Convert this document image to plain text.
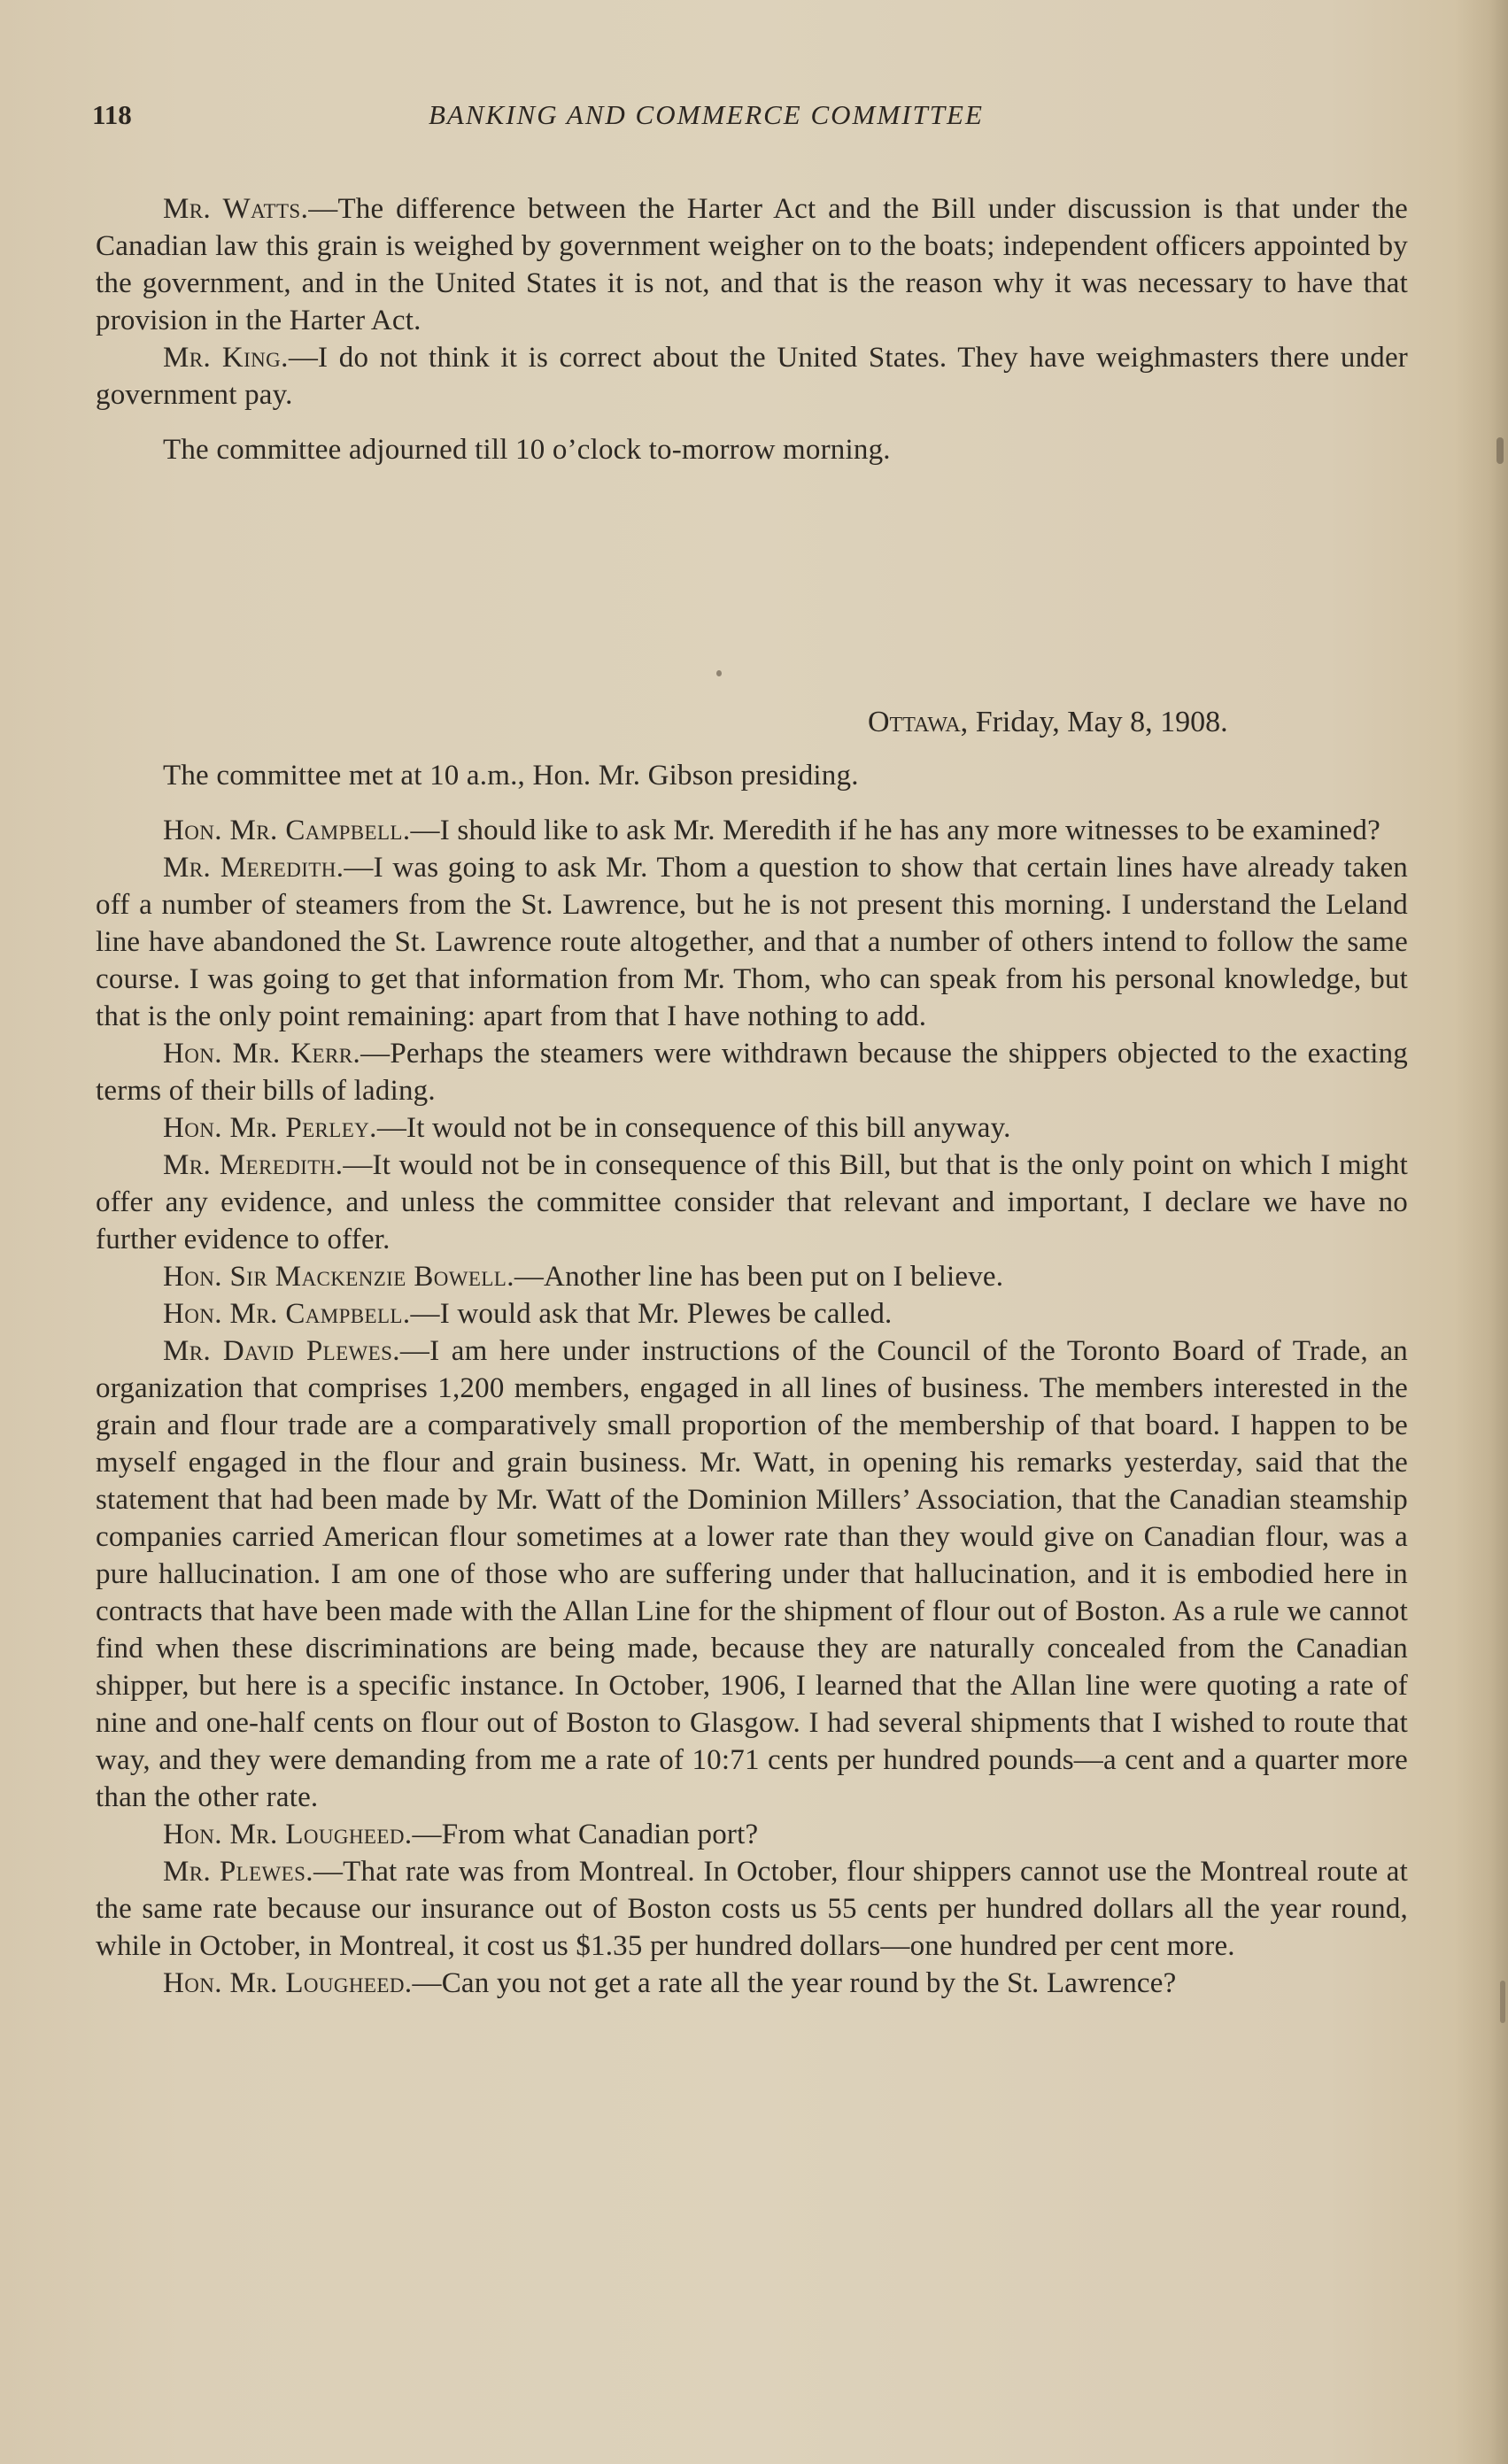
118	BANKING AND COMMERCE COMMITTEE

Mr. Watts.—The difference between the Harter Act and the Bill under discussion is that under the Canadian law this grain is weighed by government weigher on to the boats; independent officers appointed by the government, and in the United States it is not, and that is the reason why it was necessary to have that provision in the Harter Act.

Mr. King.—I do not think it is correct about the United States. They have weighmasters there under government pay.

The committee adjourned till 10 o’clock to-morrow morning.

Ottawa, Friday, May 8, 1908.

The committee met at 10 a.m., Hon. Mr. Gibson presiding.

Hon. Mr. Campbell.—I should like to ask Mr. Meredith if he has any more witnesses to be examined?

Mr. Meredith.—I was going to ask Mr. Thom a question to show that certain lines have already taken off a number of steamers from the St. Lawrence, but he is not present this morning. I understand the Leland line have abandoned the St. Lawrence route altogether, and that a number of others intend to follow the same course. I was going to get that information from Mr. Thom, who can speak from his personal knowledge, but that is the only point remaining: apart from that I have nothing to add.

Hon. Mr. Kerr.—Perhaps the steamers were withdrawn because the shippers objected to the exacting terms of their bills of lading.

Hon. Mr. Perley.—It would not be in consequence of this bill anyway.

Mr. Meredith.—It would not be in consequence of this Bill, but that is the only point on which I might offer any evidence, and unless the committee consider that relevant and important, I declare we have no further evidence to offer.

Hon. Sir Mackenzie Bowell.—Another line has been put on I believe.

Hon. Mr. Campbell.—I would ask that Mr. Plewes be called.

Mr. David Plewes.—I am here under instructions of the Council of the Toronto Board of Trade, an organization that comprises 1,200 members, engaged in all lines of business. The members interested in the grain and flour trade are a comparatively small proportion of the membership of that board. I happen to be myself engaged in the flour and grain business. Mr. Watt, in opening his remarks yesterday, said that the statement that had been made by Mr. Watt of the Dominion Millers’ Association, that the Canadian steamship companies carried American flour sometimes at a lower rate than they would give on Canadian flour, was a pure hallucination. I am one of those who are suffering under that hallucination, and it is embodied here in contracts that have been made with the Allan Line for the shipment of flour out of Boston. As a rule we cannot find when these discriminations are being made, because they are naturally concealed from the Canadian shipper, but here is a specific instance. In October, 1906, I learned that the Allan line were quoting a rate of nine and one-half cents on flour out of Boston to Glasgow. I had several shipments that I wished to route that way, and they were demanding from me a rate of 10:71 cents per hundred pounds—a cent and a quarter more than the other rate.

Hon. Mr. Lougheed.—From what Canadian port?

Mr. Plewes.—That rate was from Montreal. In October, flour shippers cannot use the Montreal route at the same rate because our insurance out of Boston costs us 55 cents per hundred dollars all the year round, while in October, in Montreal, it cost us $1.35 per hundred dollars—one hundred per cent more.

Hon. Mr. Lougheed.—Can you not get a rate all the year round by the St. Lawrence?
